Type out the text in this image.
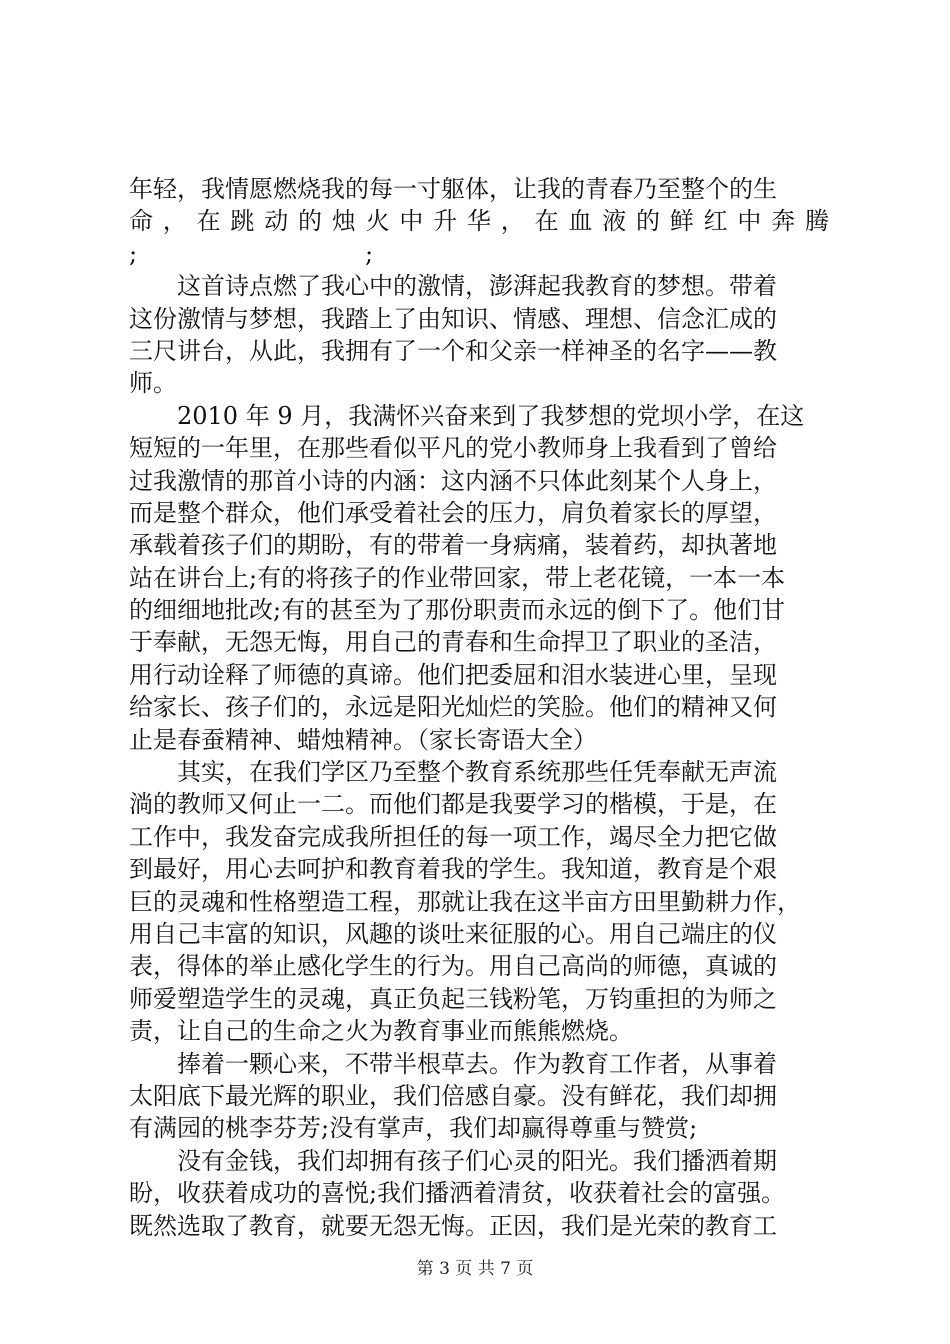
年轻，我情愿燃烧我的每一寸躯体，让我的青春乃至整个的生
命 ， 在 跳 动 的 烛 火 中 升 华 ， 在 血 液 的 鲜 红 中 奔 腾
;	;
这首诗点燃了我心中的激情，澎湃起我教育的梦想。带着
这份激情与梦想，我踏上了由知识、情感、理想、信念汇成的
三尺讲台，从此，我拥有了一个和父亲一样神圣的名字——教
师。
2010 年 9 月，我满怀兴奋来到了我梦想的党坝小学，在这
短短的一年里，在那些看似平凡的党小教师身上我看到了曾给
过我激情的那首小诗的内涵：这内涵不只体此刻某个人身上，
而是整个群众，他们承受着社会的压力，肩负着家长的厚望，
承载着孩子们的期盼，有的带着一身病痛，装着药，却执著地
站在讲台上;有的将孩子的作业带回家，带上老花镜，一本一本
的细细地批改;有的甚至为了那份职责而永远的倒下了。他们甘
于奉献，无怨无悔，用自己的青春和生命捍卫了职业的圣洁，
用行动诠释了师德的真谛。他们把委屈和泪水装进心里，呈现
给家长、孩子们的，永远是阳光灿烂的笑脸。他们的精神又何
止是春蚕精神、蜡烛精神。（家长寄语大全）
其实，在我们学区乃至整个教育系统那些任凭奉献无声流
淌的教师又何止一二。而他们都是我要学习的楷模，于是，在
工作中，我发奋完成我所担任的每一项工作，竭尽全力把它做
到最好，用心去呵护和教育着我的学生。我知道，教育是个艰
巨的灵魂和性格塑造工程，那就让我在这半亩方田里勤耕力作，
用自己丰富的知识，风趣的谈吐来征服的心。用自己端庄的仪
表，得体的举止感化学生的行为。用自己高尚的师德，真诚的
师爱塑造学生的灵魂，真正负起三钱粉笔，万钧重担的为师之
责，让自己的生命之火为教育事业而熊熊燃烧。
捧着一颗心来，不带半根草去。作为教育工作者，从事着
太阳底下最光辉的职业，我们倍感自豪。没有鲜花，我们却拥
有满园的桃李芬芳;没有掌声，我们却赢得尊重与赞赏;
没有金钱，我们却拥有孩子们心灵的阳光。我们播洒着期
盼，收获着成功的喜悦;我们播洒着清贫，收获着社会的富强。
既然选取了教育，就要无怨无悔。正因，我们是光荣的教育工
第 3 页 共 7 页
